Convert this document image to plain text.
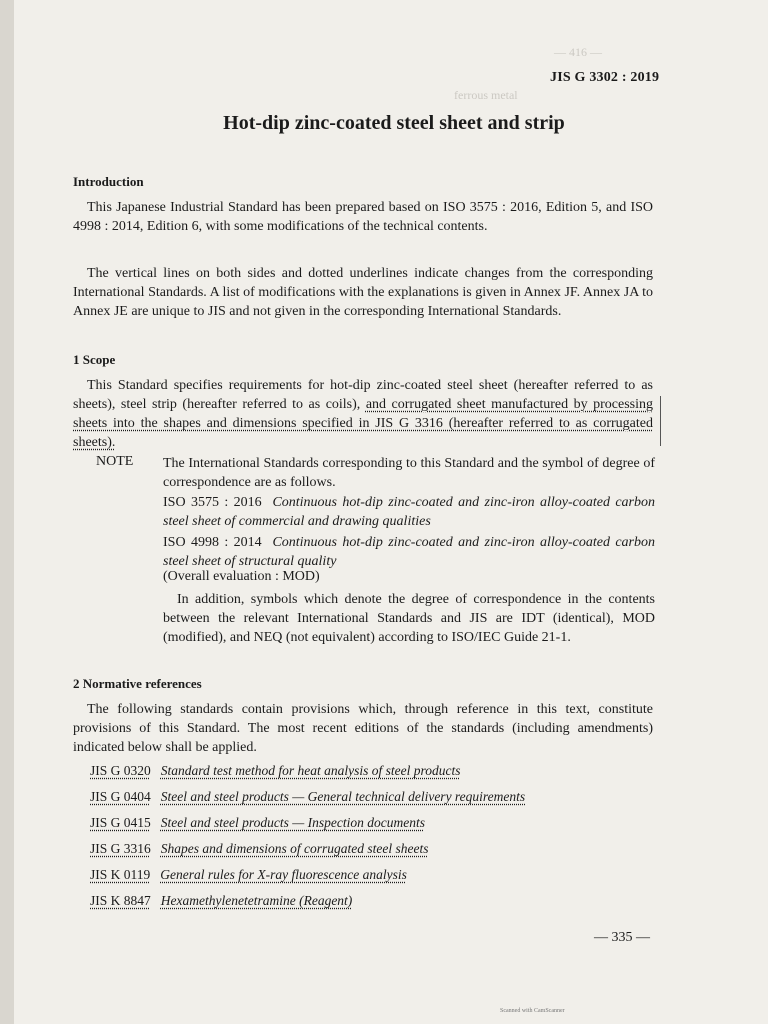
— 416 —
ferrous metal
JIS G 3302 : 2019
Hot-dip zinc-coated steel sheet and strip
Introduction
This Japanese Industrial Standard has been prepared based on ISO 3575 : 2016, Edition 5, and ISO 4998 : 2014, Edition 6, with some modifications of the technical contents.
The vertical lines on both sides and dotted underlines indicate changes from the corresponding International Standards. A list of modifications with the explanations is given in Annex JF. Annex JA to Annex JE are unique to JIS and not given in the corresponding International Standards.
1 Scope
This Standard specifies requirements for hot-dip zinc-coated steel sheet (hereafter referred to as sheets), steel strip (hereafter referred to as coils), and corrugated sheet manufactured by processing sheets into the shapes and dimensions specified in JIS G 3316 (hereafter referred to as corrugated sheets).
NOTE The International Standards corresponding to this Standard and the symbol of degree of correspondence are as follows.
ISO 3575 : 2016 Continuous hot-dip zinc-coated and zinc-iron alloy-coated carbon steel sheet of commercial and drawing qualities
ISO 4998 : 2014 Continuous hot-dip zinc-coated and zinc-iron alloy-coated carbon steel sheet of structural quality
(Overall evaluation : MOD)
In addition, symbols which denote the degree of correspondence in the contents between the relevant International Standards and JIS are IDT (identical), MOD (modified), and NEQ (not equivalent) according to ISO/IEC Guide 21-1.
2 Normative references
The following standards contain provisions which, through reference in this text, constitute provisions of this Standard. The most recent editions of the standards (including amendments) indicated below shall be applied.
JIS G 0320 Standard test method for heat analysis of steel products
JIS G 0404 Steel and steel products — General technical delivery requirements
JIS G 0415 Steel and steel products — Inspection documents
JIS G 3316 Shapes and dimensions of corrugated steel sheets
JIS K 0119 General rules for X-ray fluorescence analysis
JIS K 8847 Hexamethylenetetramine (Reagent)
— 335 —
Scanned with CamScanner
